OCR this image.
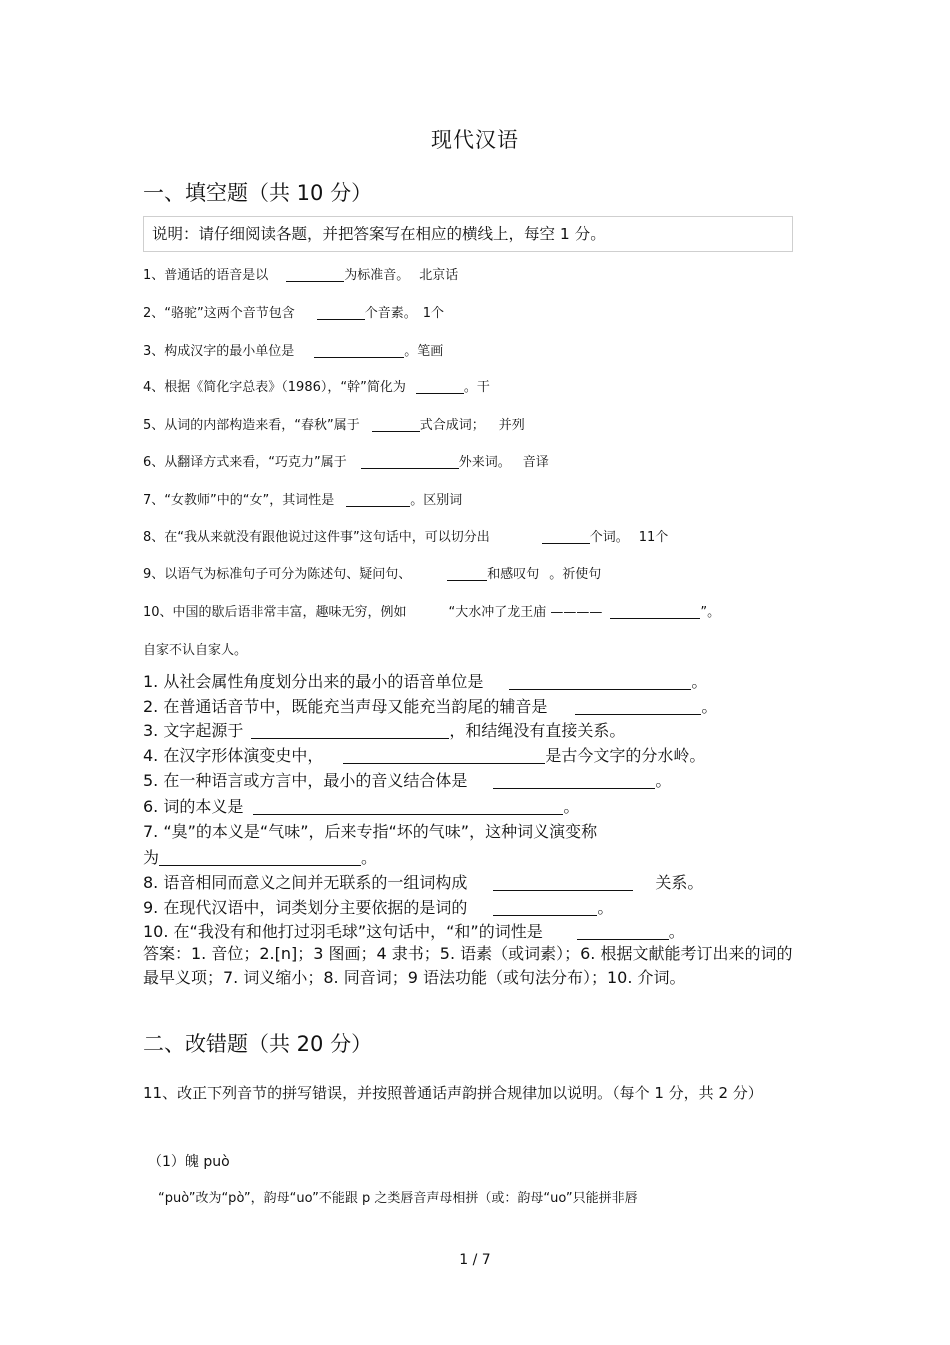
现代汉语
一、填空题（共 10 分）
说明：请仔细阅读各题，并把答案写在相应的横线上，每空 1 分。
1、普通话的语音是以	为标准音。 北京话
2、“骆驼”这两个音节包含	个音素。 1个
3、构成汉字的最小单位是	。笔画
4、根据《简化字总表》（1986），“幹”简化为	。干
5、从词的内部构造来看，“春秋”属于	式合成词； 并列
6、从翻译方式来看，“巧克力”属于	外来词。 音译
7、“女教师”中的“女”，其词性是	。区别词
8、在“我从来就没有跟他说过这件事”这句话中，可以切分出	个词。 11个
9、以语气为标准句子可分为陈述句、疑问句、	和感叹句 。祈使句
10、中国的歇后语非常丰富，趣味无穷，例如	“大水冲了龙王庙 ————	”。
自家不认自家人。
1. 从社会属性角度划分出来的最小的语音单位是	。
2. 在普通话音节中，既能充当声母又能充当韵尾的辅音是	。
3. 文字起源于	，和结绳没有直接关系。
4. 在汉字形体演变史中，	是古今文字的分水岭。
5. 在一种语言或方言中，最小的音义结合体是	。
6. 词的本义是	。
7. “臭”的本义是“气味”，后来专指“坏的气味”，这种词义演变称
为	。
8. 语音相同而意义之间并无联系的一组词构成	关系。
9. 在现代汉语中，词类划分主要依据的是词的	。
10. 在“我没有和他打过羽毛球”这句话中，“和”的词性是	。
答案：1. 音位；2.[n]；3 图画；4 隶书；5. 语素（或词素）；6. 根据文献能考订出来的词的最早义项；7. 词义缩小；8. 同音词；9 语法功能（或句法分布）；10. 介词。
二、改错题（共 20 分）
11、改正下列音节的拼写错误，并按照普通话声韵拼合规律加以说明。（每个 1 分，共 2 分）
（1）魄 può
“può”改为“pò”，韵母“uo”不能跟 p 之类唇音声母相拼（或：韵母“uo”只能拼非唇
1 / 7
